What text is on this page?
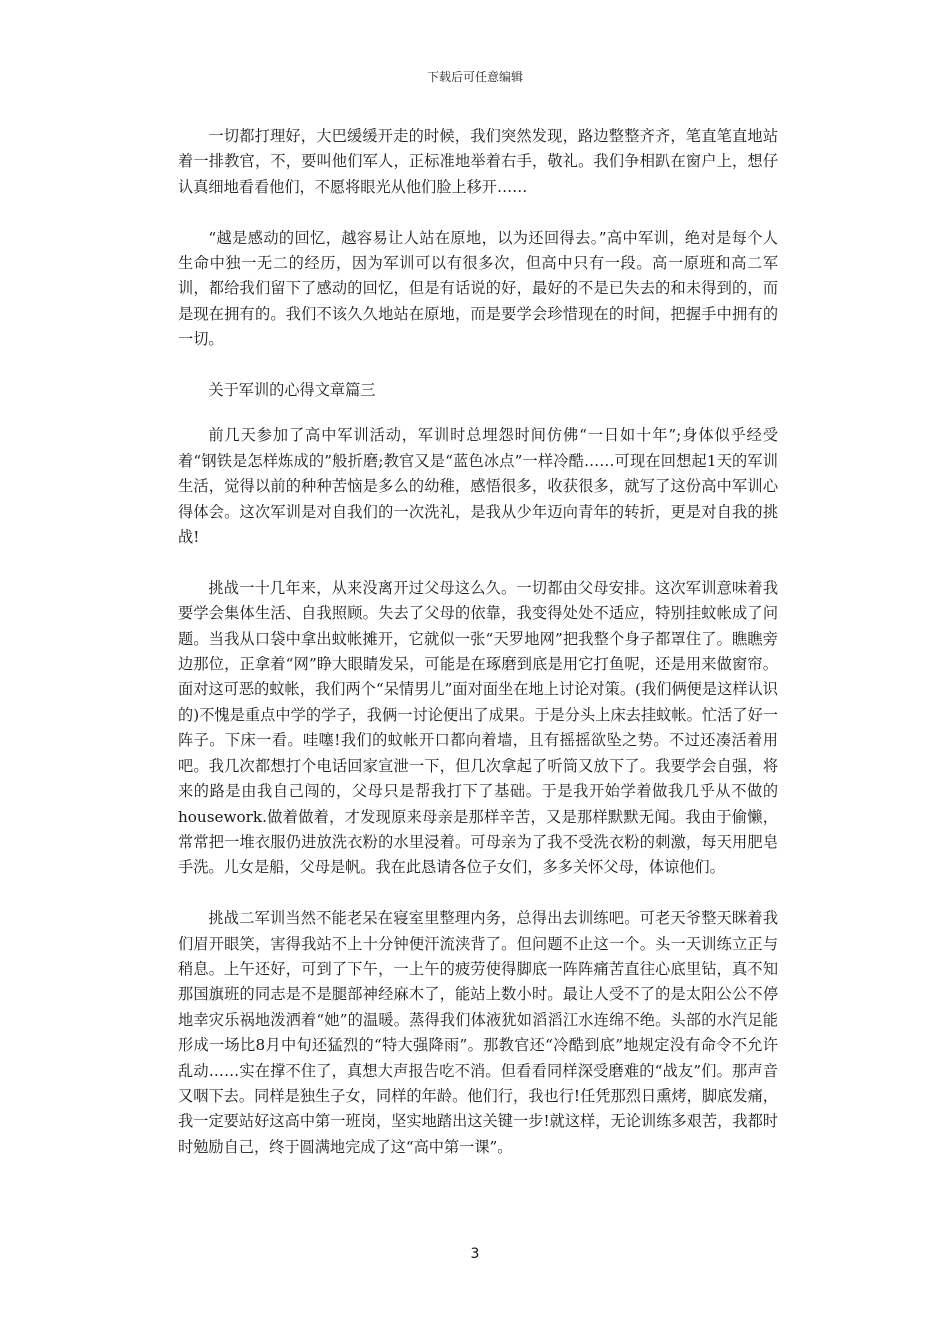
下载后可任意编辑

一切都打理好，大巴缓缓开走的时候，我们突然发现，路边整整齐齐，笔直笔直地站着一排教官，不，要叫他们军人，正标准地举着右手，敬礼。我们争相趴在窗户上，想仔认真细地看看他们，不愿将眼光从他们脸上移开……

“越是感动的回忆，越容易让人站在原地，以为还回得去。”高中军训，绝对是每个人生命中独一无二的经历，因为军训可以有很多次，但高中只有一段。高一原班和高二军训，都给我们留下了感动的回忆，但是有话说的好，最好的不是已失去的和未得到的，而是现在拥有的。我们不该久久地站在原地，而是要学会珍惜现在的时间，把握手中拥有的一切。

关于军训的心得文章篇三

前几天参加了高中军训活动，军训时总埋怨时间仿佛“一日如十年”;身体似乎经受着“钢铁是怎样炼成的”般折磨;教官又是“蓝色冰点”一样冷酷……可现在回想起1天的军训生活，觉得以前的种种苦恼是多么的幼稚，感悟很多，收获很多，就写了这份高中军训心得体会。这次军训是对自我们的一次洗礼，是我从少年迈向青年的转折，更是对自我的挑战!

挑战一十几年来，从来没离开过父母这么久。一切都由父母安排。这次军训意味着我要学会集体生活、自我照顾。失去了父母的依靠，我变得处处不适应，特别挂蚊帐成了问题。当我从口袋中拿出蚊帐摊开，它就似一张“天罗地网”把我整个身子都罩住了。瞧瞧旁边那位，正拿着“网”睁大眼睛发呆，可能是在琢磨到底是用它打鱼呢，还是用来做窗帘。面对这可恶的蚊帐，我们两个“呆情男儿”面对面坐在地上讨论对策。(我们俩便是这样认识的)不愧是重点中学的学子，我俩一讨论便出了成果。于是分头上床去挂蚊帐。忙活了好一阵子。下床一看。哇噻!我们的蚊帐开口都向着墙，且有摇摇欲坠之势。不过还凑活着用吧。我几次都想打个电话回家宣泄一下，但几次拿起了听筒又放下了。我要学会自强，将来的路是由我自己闯的，父母只是帮我打下了基础。于是我开始学着做我几乎从不做的housework.做着做着，才发现原来母亲是那样辛苦，又是那样默默无闻。我由于偷懒，常常把一堆衣服仍进放洗衣粉的水里浸着。可母亲为了我不受洗衣粉的刺激，每天用肥皂手洗。儿女是船，父母是帆。我在此恳请各位子女们，多多关怀父母，体谅他们。

挑战二军训当然不能老呆在寝室里整理内务，总得出去训练吧。可老天爷整天眯着我们眉开眼笑，害得我站不上十分钟便汗流浃背了。但问题不止这一个。头一天训练立正与稍息。上午还好，可到了下午，一上午的疲劳使得脚底一阵阵痛苦直往心底里钻，真不知那国旗班的同志是不是腿部神经麻木了，能站上数小时。最让人受不了的是太阳公公不停地幸灾乐祸地泼洒着“她”的温暖。蒸得我们体液犹如滔滔江水连绵不绝。头部的水汽足能形成一场比8月中旬还猛烈的“特大强降雨”。那教官还“冷酷到底”地规定没有命令不允许乱动……实在撑不住了，真想大声报告吃不消。但看看同样深受磨难的“战友”们。那声音又咽下去。同样是独生子女，同样的年龄。他们行，我也行!任凭那烈日熏烤，脚底发痛，我一定要站好这高中第一班岗，坚实地踏出这关键一步!就这样，无论训练多艰苦，我都时时勉励自己，终于圆满地完成了这“高中第一课”。

3
